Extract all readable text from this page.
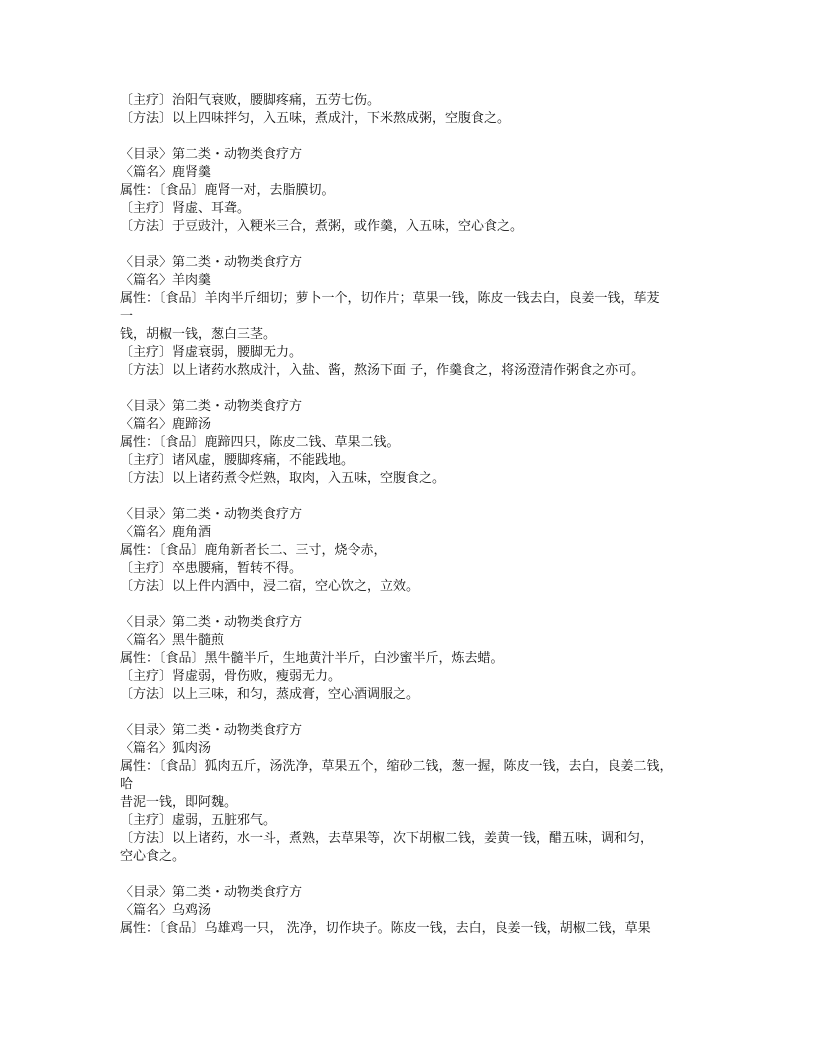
〔主疗〕治阳气衰败，腰脚疼痛，五劳七伤。
〔方法〕以上四味拌匀，入五味，煮成汁，下米熬成粥，空腹食之。
〈目录〉第二类・动物类食疗方
〈篇名〉鹿肾羹
属性：〔食品〕鹿肾一对，去脂膜切。
〔主疗〕肾虚、耳聋。
〔方法〕于豆豉汁，入粳米三合，煮粥，或作羹，入五味，空心食之。
〈目录〉第二类・动物类食疗方
〈篇名〉羊肉羹
属性：〔食品〕羊肉半斤细切；萝卜一个，切作片；草果一钱，陈皮一钱去白，良姜一钱，荜茇
一
钱，胡椒一钱，葱白三茎。
〔主疗〕肾虚衰弱，腰脚无力。
〔方法〕以上诸药水熬成汁，入盐、酱，熬汤下面 子，作羹食之，将汤澄清作粥食之亦可。
〈目录〉第二类・动物类食疗方
〈篇名〉鹿蹄汤
属性：〔食品〕鹿蹄四只，陈皮二钱、草果二钱。
〔主疗〕诸风虚，腰脚疼痛，不能践地。
〔方法〕以上诸药煮令烂熟，取肉，入五味，空腹食之。
〈目录〉第二类・动物类食疗方
〈篇名〉鹿角酒
属性：〔食品〕鹿角新者长二、三寸，烧令赤，
〔主疗〕卒患腰痛，暂转不得。
〔方法〕以上件内酒中，浸二宿，空心饮之，立效。
〈目录〉第二类・动物类食疗方
〈篇名〉黑牛髓煎
属性：〔食品〕黑牛髓半斤，生地黄汁半斤，白沙蜜半斤，炼去蜡。
〔主疗〕肾虚弱，骨伤败，瘦弱无力。
〔方法〕以上三味，和匀，蒸成膏，空心酒调服之。
〈目录〉第二类・动物类食疗方
〈篇名〉狐肉汤
属性：〔食品〕狐肉五斤，汤洗净，草果五个，缩砂二钱，葱一握，陈皮一钱，去白，良姜二钱，
哈
昔泥一钱，即阿魏。
〔主疗〕虚弱，五脏邪气。
〔方法〕以上诸药，水一斗，煮熟，去草果等，次下胡椒二钱，姜黄一钱，醋五味，调和匀，
空心食之。
〈目录〉第二类・动物类食疗方
〈篇名〉乌鸡汤
属性：〔食品〕乌雄鸡一只， 洗净，切作块子。陈皮一钱，去白，良姜一钱，胡椒二钱，草果
